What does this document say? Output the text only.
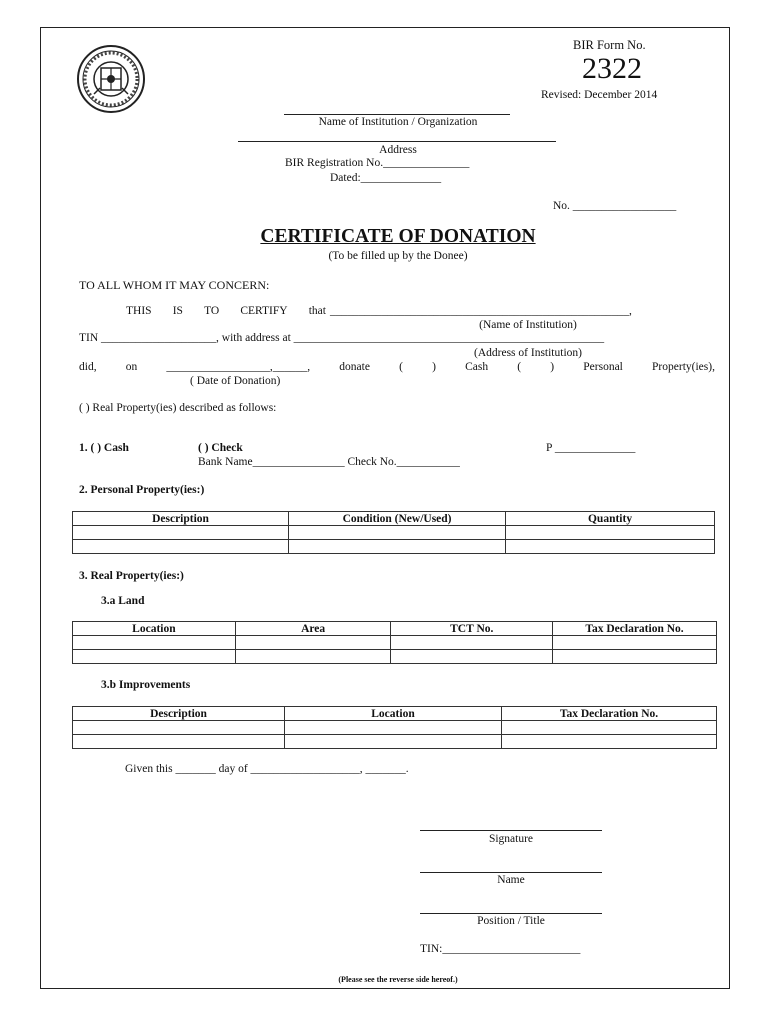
BIR Form No.
2322
Revised: December 2014
Name of Institution / Organization
Address
BIR Registration No._______________
Dated:______________
No. __________________
CERTIFICATE OF DONATION
(To be filled up by the Donee)
TO ALL WHOM IT MAY CONCERN:
THIS IS TO CERTIFY that ____________________________________________________,
(Name of Institution)
TIN ____________________, with address at ______________________________________________________
(Address of Institution)
did,	on	__________________,______,	donate	(	)	Cash	(	)	Personal	Property(ies),
( Date of Donation)
( ) Real Property(ies) described as follows:
1. ( ) Cash	( ) Check	P ______________
Bank Name________________ Check No.___________
2. Personal Property(ies:)
Description	Condition (New/Used)	Quantity

3. Real Property(ies:)
3.a Land
Location	Area	TCT No.	Tax Declaration No.

3.b Improvements
Description	Location	Tax Declaration No.

Given this _______ day of ___________________, _______.
Signature
Name
Position / Title
TIN:________________________
(Please see the reverse side hereof.)
